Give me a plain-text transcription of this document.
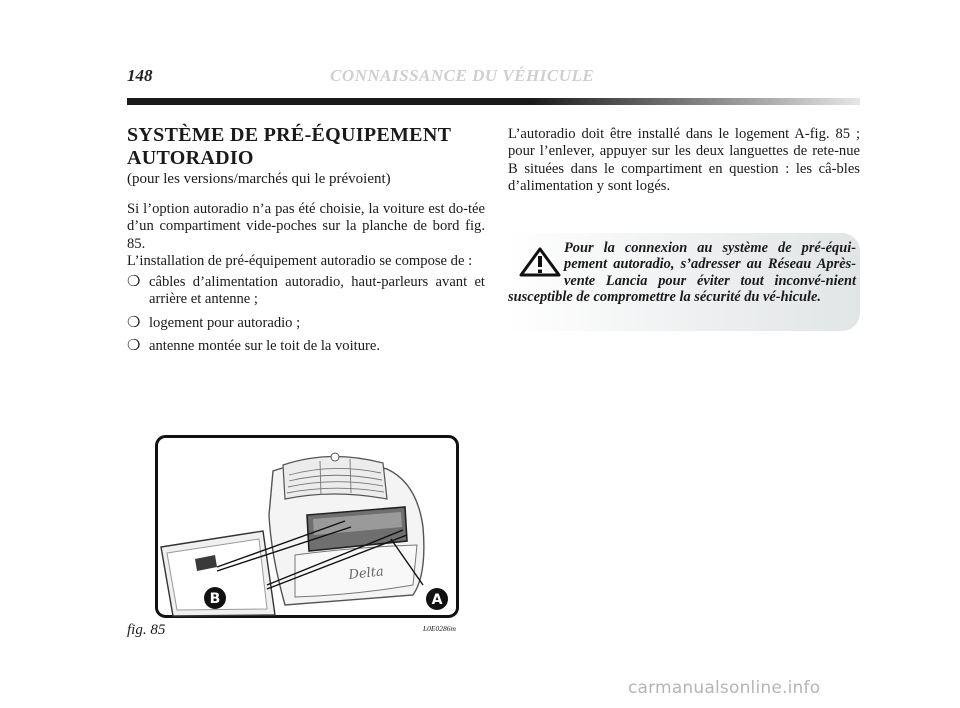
148	CONNAISSANCE DU VÉHICULE
SYSTÈME DE PRÉ-ÉQUIPEMENT AUTORADIO
(pour les versions/marchés qui le prévoient)

Si l’option autoradio n’a pas été choisie, la voiture est do-tée d’un compartiment vide-poches sur la planche de bord fig. 85.

L’installation de pré-équipement autoradio se compose de :

❍ câbles d’alimentation autoradio, haut-parleurs avant et arrière et antenne ;
❍ logement pour autoradio ;
❍ antenne montée sur le toit de la voiture.

L’autoradio doit être installé dans le logement A-fig. 85 ; pour l’enlever, appuyer sur les deux languettes de rete-nue B situées dans le compartiment en question : les câ-bles d’alimentation y sont logés.

Pour la connexion au système de pré-équi-pement autoradio, s’adresser au Réseau Après-vente Lancia pour éviter tout inconvé-nient susceptible de compromettre la sécurité du vé-hicule.

Delta
B	A
fig. 85	L0E0286m
carmanualsonline.info
